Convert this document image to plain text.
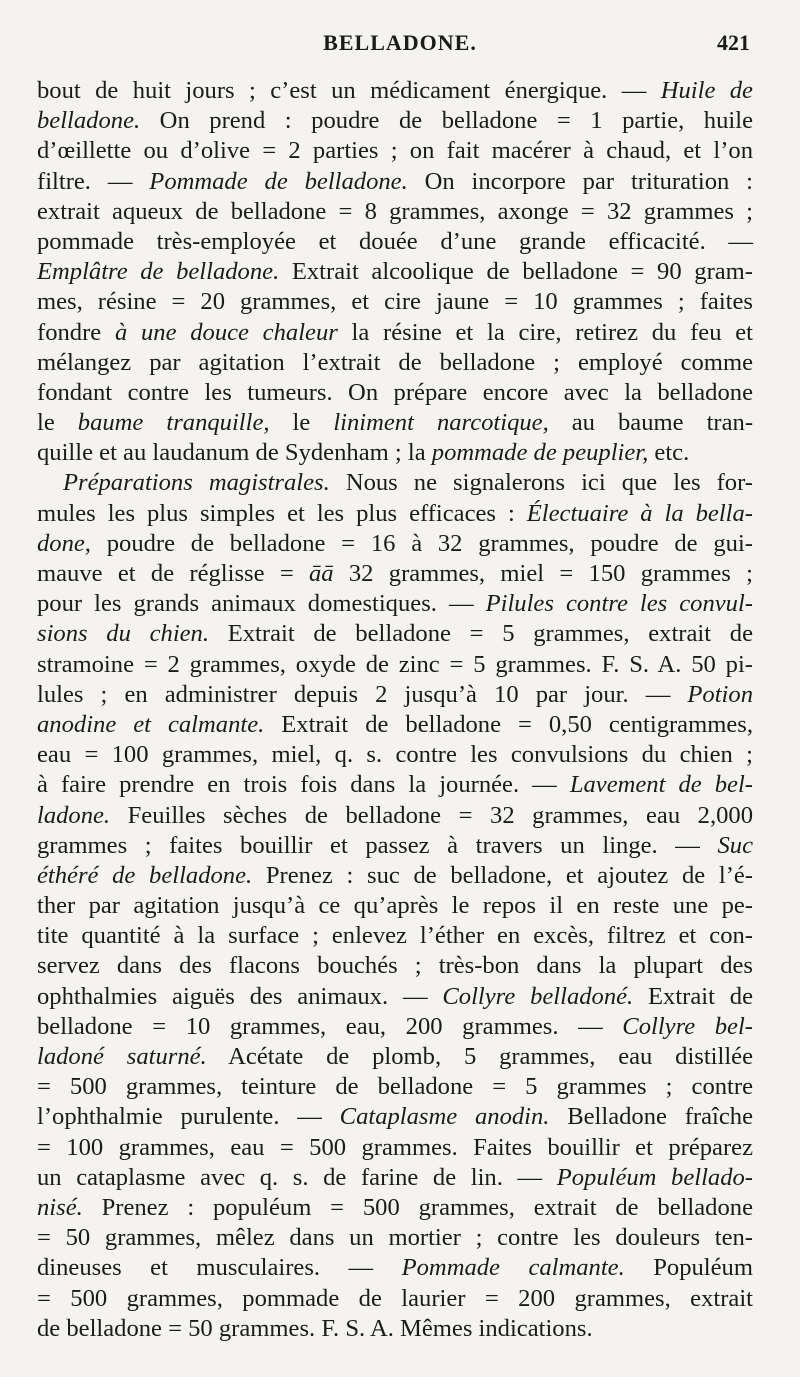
BELLADONE.	421
bout de huit jours ; c’est un médicament énergique. — Huile de
belladone. On prend : poudre de belladone = 1 partie, huile
d’œillette ou d’olive = 2 parties ; on fait macérer à chaud, et l’on
filtre. — Pommade de belladone. On incorpore par trituration :
extrait aqueux de belladone = 8 grammes, axonge = 32 grammes ;
pommade très-employée et douée d’une grande efficacité. —
Emplâtre de belladone. Extrait alcoolique de belladone = 90 gram-
mes, résine = 20 grammes, et cire jaune = 10 grammes ; faites
fondre à une douce chaleur la résine et la cire, retirez du feu et
mélangez par agitation l’extrait de belladone ; employé comme
fondant contre les tumeurs. On prépare encore avec la belladone
le baume tranquille, le liniment narcotique, au baume tran-
quille et au laudanum de Sydenham ; la pommade de peuplier, etc.
Préparations magistrales. Nous ne signalerons ici que les for-
mules les plus simples et les plus efficaces : Électuaire à la bella-
done, poudre de belladone = 16 à 32 grammes, poudre de gui-
mauve et de réglisse = āā 32 grammes, miel = 150 grammes ;
pour les grands animaux domestiques. — Pilules contre les convul-
sions du chien. Extrait de belladone = 5 grammes, extrait de
stramoine = 2 grammes, oxyde de zinc = 5 grammes. F. S. A. 50 pi-
lules ; en administrer depuis 2 jusqu’à 10 par jour. — Potion
anodine et calmante. Extrait de belladone = 0,50 centigrammes,
eau = 100 grammes, miel, q. s. contre les convulsions du chien ;
à faire prendre en trois fois dans la journée. — Lavement de bel-
ladone. Feuilles sèches de belladone = 32 grammes, eau 2,000
grammes ; faites bouillir et passez à travers un linge. — Suc
éthéré de belladone. Prenez : suc de belladone, et ajoutez de l’é-
ther par agitation jusqu’à ce qu’après le repos il en reste une pe-
tite quantité à la surface ; enlevez l’éther en excès, filtrez et con-
servez dans des flacons bouchés ; très-bon dans la plupart des
ophthalmies aiguës des animaux. — Collyre belladoné. Extrait de
belladone = 10 grammes, eau, 200 grammes. — Collyre bel-
ladoné saturné. Acétate de plomb, 5 grammes, eau distillée
= 500 grammes, teinture de belladone = 5 grammes ; contre
l’ophthalmie purulente. — Cataplasme anodin. Belladone fraîche
= 100 grammes, eau = 500 grammes. Faites bouillir et préparez
un cataplasme avec q. s. de farine de lin. — Populéum bellado-
nisé. Prenez : populéum = 500 grammes, extrait de belladone
= 50 grammes, mêlez dans un mortier ; contre les douleurs ten-
dineuses et musculaires. — Pommade calmante. Populéum
= 500 grammes, pommade de laurier = 200 grammes, extrait
de belladone = 50 grammes. F. S. A. Mêmes indications.
